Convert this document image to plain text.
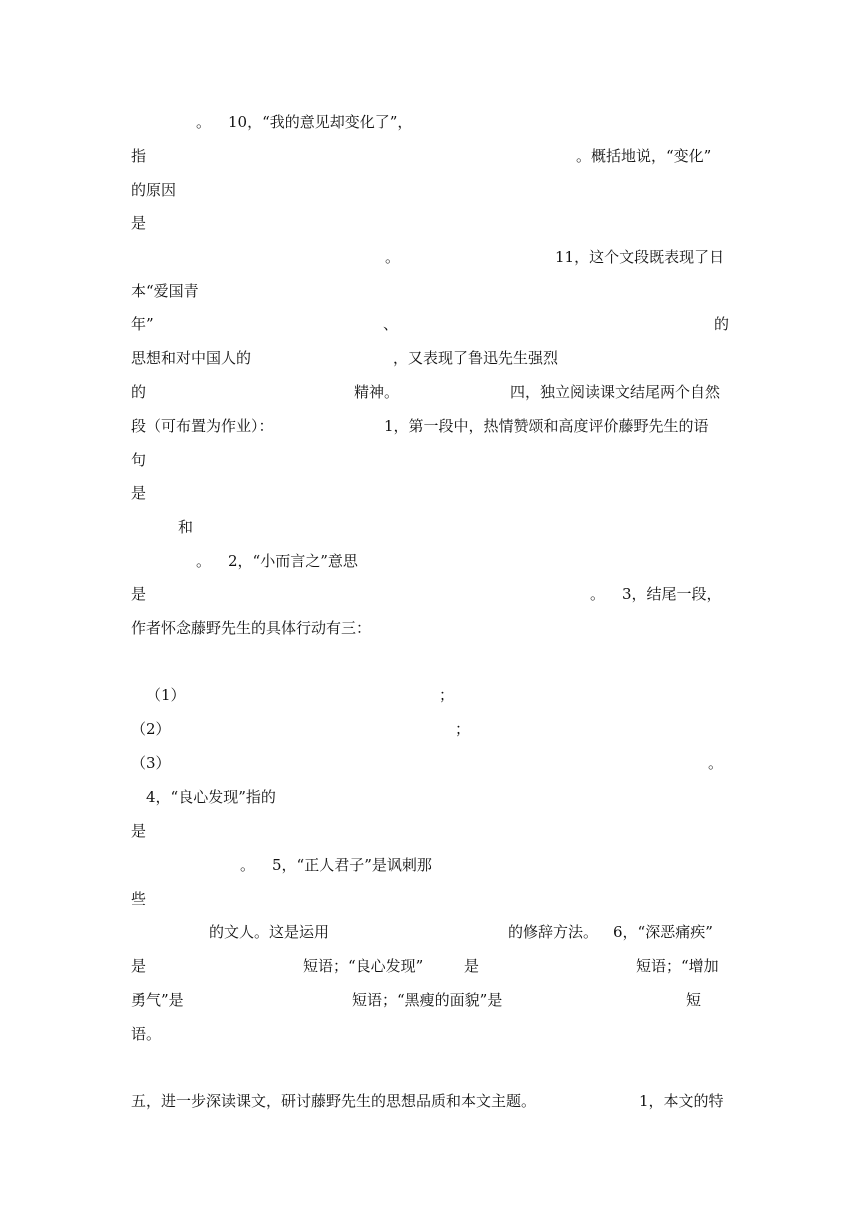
。 10，“我的意见却变化了”，
指	。概括地说，“变化”
的原因
是
。	11，这个文段既表现了日
本“爱国青
年”	、	的
思想和对中国人的	，又表现了鲁迅先生强烈
的	精神。	四，独立阅读课文结尾两个自然
段（可布置为作业）：	1，第一段中，热情赞颂和高度评价藤野先生的语
句
是
和
。 2，“小而言之”意思
是	。 3，结尾一段，
作者怀念藤野先生的具体行动有三：
（1）	；
（2）	；
（3）	。
4，“良心发现”指的
是
。 5，“正人君子”是讽刺那
些
的文人。这是运用	的修辞方法。 6，“深恶痛疾”
是	短语；“良心发现”	是	短语；“增加
勇气”是	短语；“黑瘦的面貌”是	短
语。
五，进一步深读课文，研讨藤野先生的思想品质和本文主题。	1，本文的特
